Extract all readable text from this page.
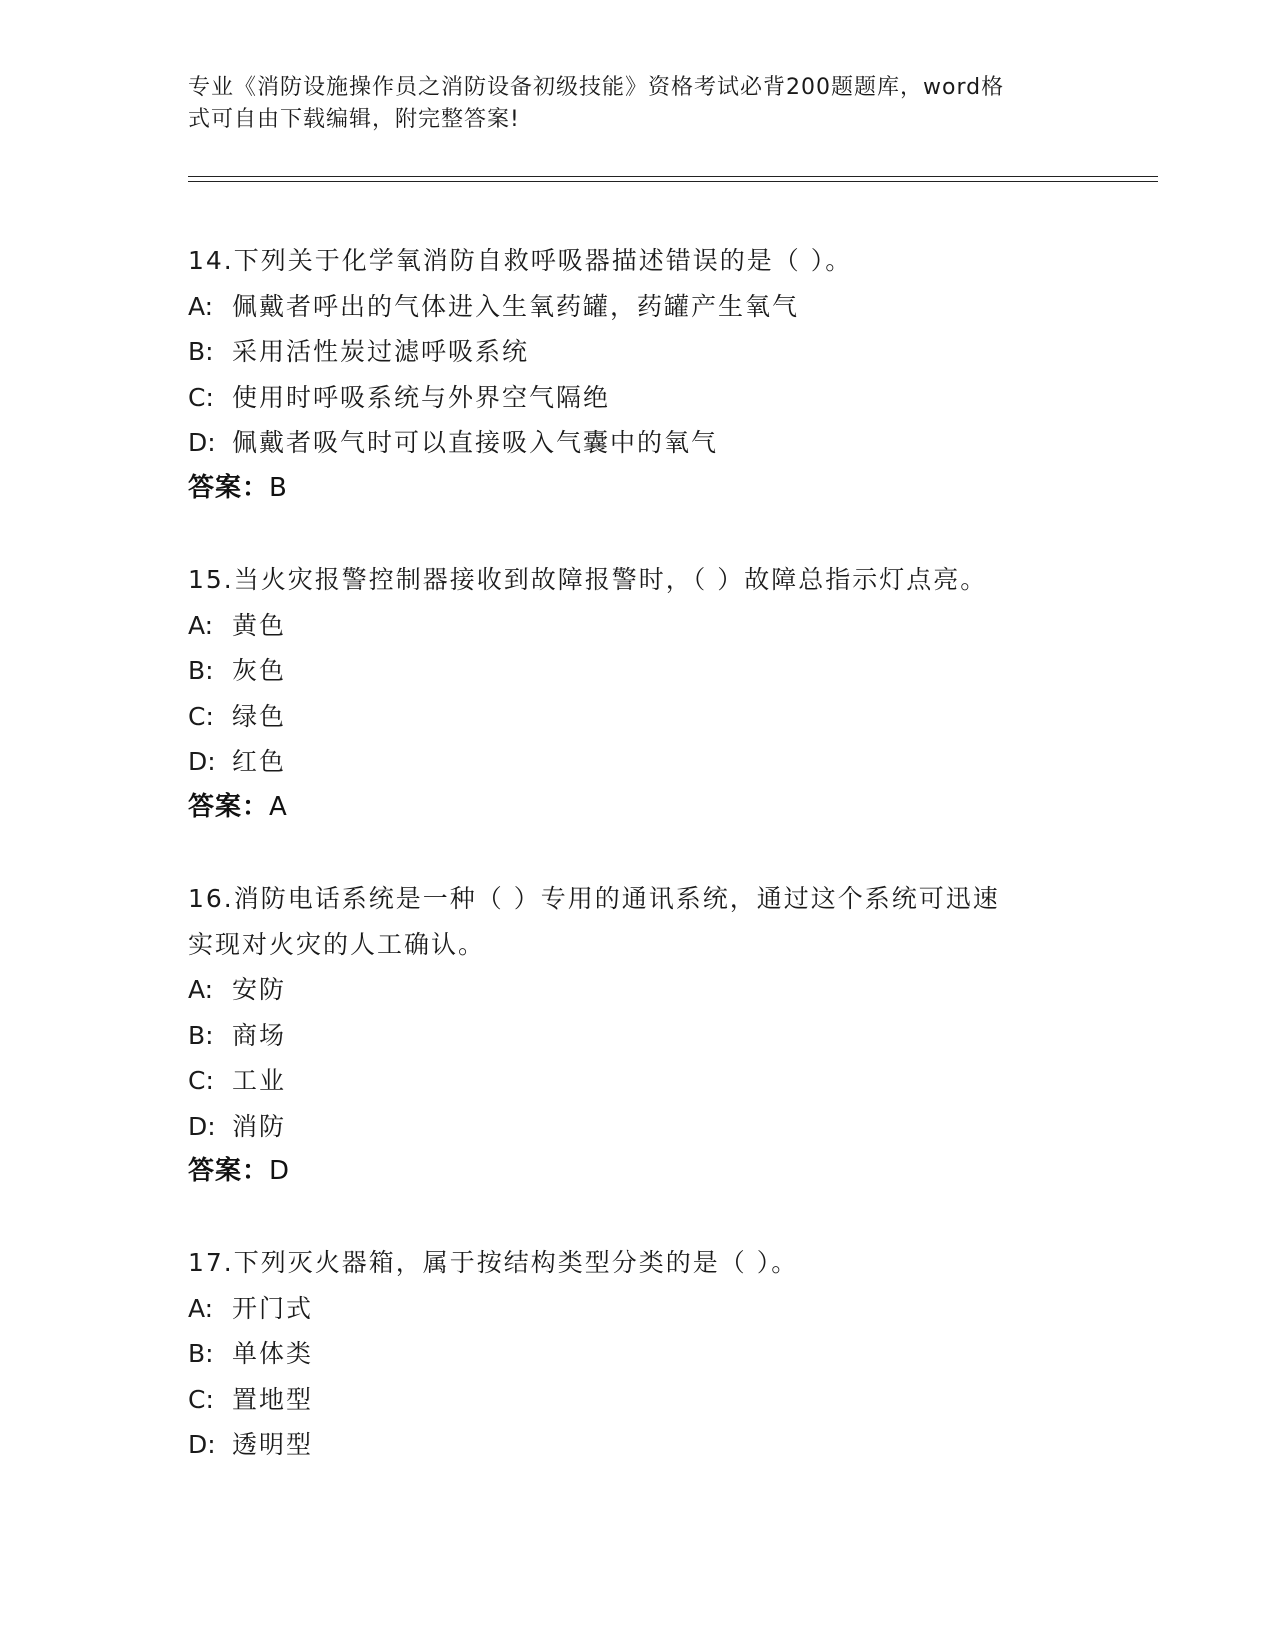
专业《消防设施操作员之消防设备初级技能》资格考试必背200题题库，word格
式可自由下载编辑，附完整答案!

14.下列关于化学氧消防自救呼吸器描述错误的是（ ）。

A: 佩戴者呼出的气体进入生氧药罐，药罐产生氧气

B: 采用活性炭过滤呼吸系统

C: 使用时呼吸系统与外界空气隔绝

D: 佩戴者吸气时可以直接吸入气囊中的氧气

答案：B

15.当火灾报警控制器接收到故障报警时，（ ）故障总指示灯点亮。

A: 黄色

B: 灰色

C: 绿色

D: 红色

答案：A

16.消防电话系统是一种（ ）专用的通讯系统，通过这个系统可迅速

实现对火灾的人工确认。

A: 安防

B: 商场

C: 工业

D: 消防

答案：D

17.下列灭火器箱，属于按结构类型分类的是（ ）。

A: 开门式

B: 单体类

C: 置地型

D: 透明型
